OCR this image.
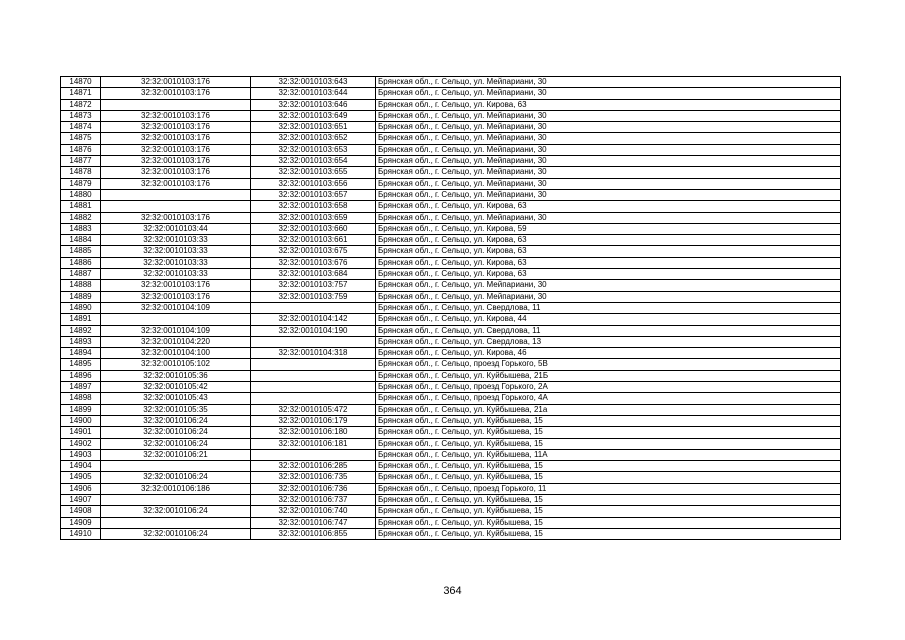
14870	32:32:0010103:176	32:32:0010103:643	Брянская обл., г. Сельцо, ул. Мейпариани, 30
14871	32:32:0010103:176	32:32:0010103:644	Брянская обл., г. Сельцо, ул. Мейпариани, 30
14872		32:32:0010103:646	Брянская обл., г. Сельцо, ул. Кирова, 63
14873	32:32:0010103:176	32:32:0010103:649	Брянская обл., г. Сельцо, ул. Мейпариани, 30
14874	32:32:0010103:176	32:32:0010103:651	Брянская обл., г. Сельцо, ул. Мейпариани, 30
14875	32:32:0010103:176	32:32:0010103:652	Брянская обл., г. Сельцо, ул. Мейпариани, 30
14876	32:32:0010103:176	32:32:0010103:653	Брянская обл., г. Сельцо, ул. Мейпариани, 30
14877	32:32:0010103:176	32:32:0010103:654	Брянская обл., г. Сельцо, ул. Мейпариани, 30
14878	32:32:0010103:176	32:32:0010103:655	Брянская обл., г. Сельцо, ул. Мейпариани, 30
14879	32:32:0010103:176	32:32:0010103:656	Брянская обл., г. Сельцо, ул. Мейпариани, 30
14880		32:32:0010103:657	Брянская обл., г. Сельцо, ул. Мейпариани, 30
14881		32:32:0010103:658	Брянская обл., г. Сельцо, ул. Кирова, 63
14882	32:32:0010103:176	32:32:0010103:659	Брянская обл., г. Сельцо, ул. Мейпариани, 30
14883	32:32:0010103:44	32:32:0010103:660	Брянская обл., г. Сельцо, ул. Кирова, 59
14884	32:32:0010103:33	32:32:0010103:661	Брянская обл., г. Сельцо, ул. Кирова, 63
14885	32:32:0010103:33	32:32:0010103:675	Брянская обл., г. Сельцо, ул. Кирова, 63
14886	32:32:0010103:33	32:32:0010103:676	Брянская обл., г. Сельцо, ул. Кирова, 63
14887	32:32:0010103:33	32:32:0010103:684	Брянская обл., г. Сельцо, ул. Кирова, 63
14888	32:32:0010103:176	32:32:0010103:757	Брянская обл., г. Сельцо, ул. Мейпариани, 30
14889	32:32:0010103:176	32:32:0010103:759	Брянская обл., г. Сельцо, ул. Мейпариани, 30
14890	32:32:0010104:109		Брянская обл., г. Сельцо, ул. Свердлова, 11
14891		32:32:0010104:142	Брянская обл., г. Сельцо, ул. Кирова, 44
14892	32:32:0010104:109	32:32:0010104:190	Брянская обл., г. Сельцо, ул. Свердлова, 11
14893	32:32:0010104:220		Брянская обл., г. Сельцо, ул. Свердлова, 13
14894	32:32:0010104:100	32:32:0010104:318	Брянская обл., г. Сельцо, ул. Кирова, 46
14895	32:32:0010105:102		Брянская обл., г. Сельцо, проезд Горького, 5В
14896	32:32:0010105:36		Брянская обл., г. Сельцо, ул. Куйбышева, 21Б
14897	32:32:0010105:42		Брянская обл., г. Сельцо, проезд Горького, 2А
14898	32:32:0010105:43		Брянская обл., г. Сельцо, проезд Горького, 4А
14899	32:32:0010105:35	32:32:0010105:472	Брянская обл., г. Сельцо, ул. Куйбышева, 21а
14900	32:32:0010106:24	32:32:0010106:179	Брянская обл., г. Сельцо, ул. Куйбышева, 15
14901	32:32:0010106:24	32:32:0010106:180	Брянская обл., г. Сельцо, ул. Куйбышева, 15
14902	32:32:0010106:24	32:32:0010106:181	Брянская обл., г. Сельцо, ул. Куйбышева, 15
14903	32:32:0010106:21		Брянская обл., г. Сельцо, ул. Куйбышева, 11А
14904		32:32:0010106:285	Брянская обл., г. Сельцо, ул. Куйбышева, 15
14905	32:32:0010106:24	32:32:0010106:735	Брянская обл., г. Сельцо, ул. Куйбышева, 15
14906	32:32:0010106:186	32:32:0010106:736	Брянская обл., г. Сельцо, проезд Горького, 11
14907		32:32:0010106:737	Брянская обл., г. Сельцо, ул. Куйбышева, 15
14908	32:32:0010106:24	32:32:0010106:740	Брянская обл., г. Сельцо, ул. Куйбышева, 15
14909		32:32:0010106:747	Брянская обл., г. Сельцо, ул. Куйбышева, 15
14910	32:32:0010106:24	32:32:0010106:855	Брянская обл., г. Сельцо, ул. Куйбышева, 15
364
